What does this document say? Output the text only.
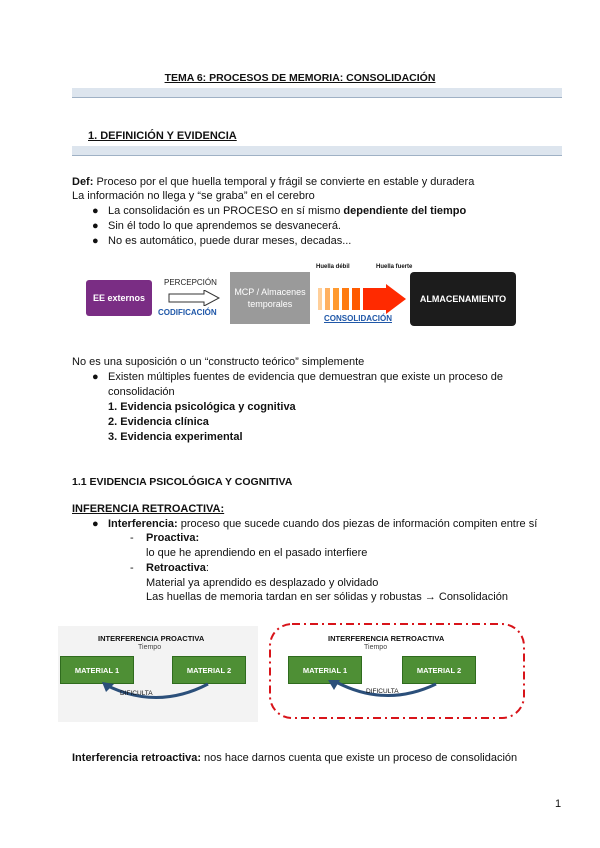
TEMA 6: PROCESOS DE MEMORIA: CONSOLIDACIÓN
1. DEFINICIÓN Y EVIDENCIA
Def: Proceso por el que huella temporal y frágil se convierte en estable y duradera
La información no llega y “se graba” en el cerebro
● La consolidación es un PROCESO en sí mismo dependiente del tiempo
● Sin él todo lo que aprendemos se desvanecerá.
● No es automático, puede durar meses, decadas...
EE externos
PERCEPCIÓN
CODIFICACIÓN
MCP / Almacenes temporales
Huella débil	Huella fuerte
CONSOLIDACIÓN
ALMACENAMIENTO
No es una suposición o un “constructo teórico” simplemente
● Existen múltiples fuentes de evidencia que demuestran que existe un proceso de
consolidación
1. Evidencia psicológica y cognitiva
2. Evidencia clínica
3. Evidencia experimental
1.1 EVIDENCIA PSICOLÓGICA Y COGNITIVA
INFERENCIA RETROACTIVA:
● Interferencia: proceso que sucede cuando dos piezas de información compiten entre sí
- Proactiva:
lo que he aprendiendo en el pasado interfiere
- Retroactiva:
Material ya aprendido es desplazado y olvidado
Las huellas de memoria tardan en ser sólidas y robustas → Consolidación
INTERFERENCIA PROACTIVA
Tiempo
MATERIAL 1	MATERIAL 2
DIFICULTA
INTERFERENCIA RETROACTIVA
Tiempo
MATERIAL 1	MATERIAL 2
DIFICULTA
Interferencia retroactiva: nos hace darnos cuenta que existe un proceso de consolidación
1
